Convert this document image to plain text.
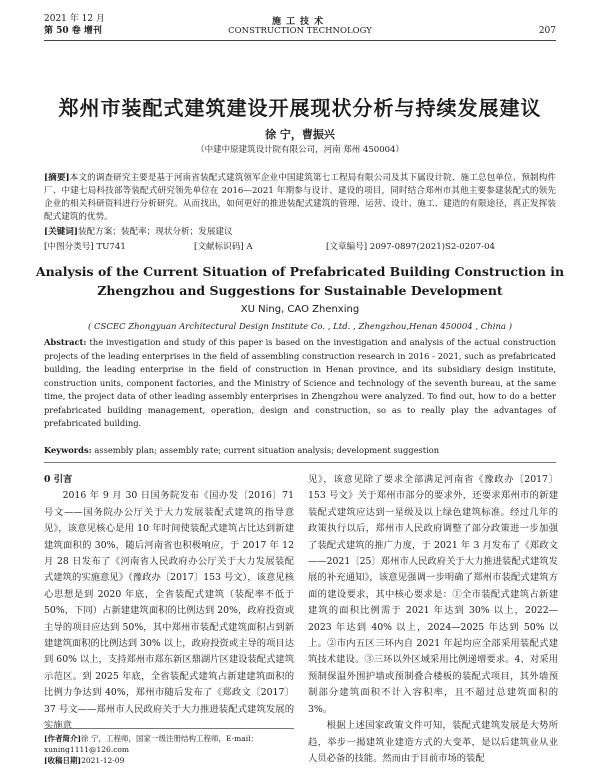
2021 年 12 月
第 50 卷 增刊
施工技术
CONSTRUCTION TECHNOLOGY	207
郑州市装配式建筑建设开展现状分析与持续发展建议
徐 宁，曹振兴
（中建中原建筑设计院有限公司，河南 郑州 450004）
[摘要]本文的调查研究主要是基于河南省装配式建筑领军企业中国建筑第七工程局有限公司及其下属设计院、施工总包单位、预制构件厂、中建七局科技部等装配式研究领先单位在 2016—2021 年期参与设计、建设的项目，同时结合郑州市其他主要参建装配式的领先企业的相关科研资料进行分析研究。从而找出，如何更好的推进装配式建筑的管理、运营、设计、施工、建造的有限途径，真正发挥装配式建筑的优势。
[关键词]装配方案；装配率；现状分析；发展建议
[中图分类号] TU741	[文献标识码] A	[文章编号] 2097-0897(2021)S2-0207-04
Analysis of the Current Situation of Prefabricated Building Construction in Zhengzhou and Suggestions for Sustainable Development
XU Ning, CAO Zhenxing
( CSCEC Zhongyuan Architectural Design Institute Co. , Ltd. , Zhengzhou,Henan 450004 , China )
Abstract: the investigation and study of this paper is based on the investigation and analysis of the actual construction projects of the leading enterprises in the field of assembling construction research in 2016 - 2021, such as prefabricated building, the leading enterprise in the field of construction in Henan province, and its subsidiary design institute, construction units, component factories, and the Ministry of Science and technology of the seventh bureau, at the same time, the project data of other leading assembly enterprises in Zhengzhou were analyzed. To find out, how to do a better prefabricated building management, operation, design and construction, so as to really play the advantages of prefabricated building.
Keywords: assembly plan; assembly rate; current situation analysis; development suggestion
0 引言

2016 年 9 月 30 日国务院发布《国办发〔2016〕71 号文——国务院办公厅关于大力发展装配式建筑的指导意见》，该意见核心是用 10 年时间使装配式建筑占比达到新建建筑面积的 30%，随后河南省也积极响应，于 2017 年 12 月 28 日发布了《河南省人民政府办公厅关于大力发展装配式建筑的实施意见》（豫政办〔2017〕153 号文），该意见核心思想是到 2020 年底，全省装配式建筑（装配率不低于 50%，下同）占新建建筑面积的比例达到 20%，政府投资或主导的项目应达到 50%，其中郑州市装配式建筑面积占到新建建筑面积的比例达到 30% 以上，政府投资或主导的项目达到 60% 以上，支持郑州市郑东新区鼎湖片区建设装配式建筑示范区。到 2025 年底，全省装配式建筑占新建建筑面积的比例力争达到 40%，郑州市随后发布了《郑政文〔2017〕37 号文——郑州市人民政府关于大力推进装配式建筑发展的实施意

见》，该意见除了要求全部满足河南省《豫政办〔2017〕153 号文》关于郑州市部分的要求外，还要求郑州市的新建装配式建筑应达到一星级及以上绿色建筑标准。经过几年的政策执行以后，郑州市人民政府调整了部分政策进一步加强了装配式建筑的推广力度，于 2021 年 3 月发布了《郑政文——2021〔25〕郑州市人民政府关于大力推进装配式建筑发展的补充通知》，该意见强调一步明确了郑州市装配式建筑方面的建设要求，其中核心要求是：①全市装配式建筑占新建建筑的面积比例需于 2021 年达到 30% 以上，2022—2023 年达到 40% 以上，2024—2025 年达到 50% 以上。②市内五区三环内自 2021 年起均应全部采用装配式建筑技术建设。③三环以外区域采用比例递增要求。4、对采用预制保温外围护墙或预制叠合楼板的装配式项目，其外墙预制部分建筑面积不计入容积率，且不超过总建筑面积的 3%。

根据上述国家政策文件可知，装配式建筑发展是大势所趋，举步一揭建筑业建造方式的大变革，是以后建筑业从业人员必备的技能。然而由于目前市场的装配

[作者简介]徐 宁，工程师，国家一级注册结构工程师，E-mail：xuning1111@126.com
[收稿日期]2021-12-09
